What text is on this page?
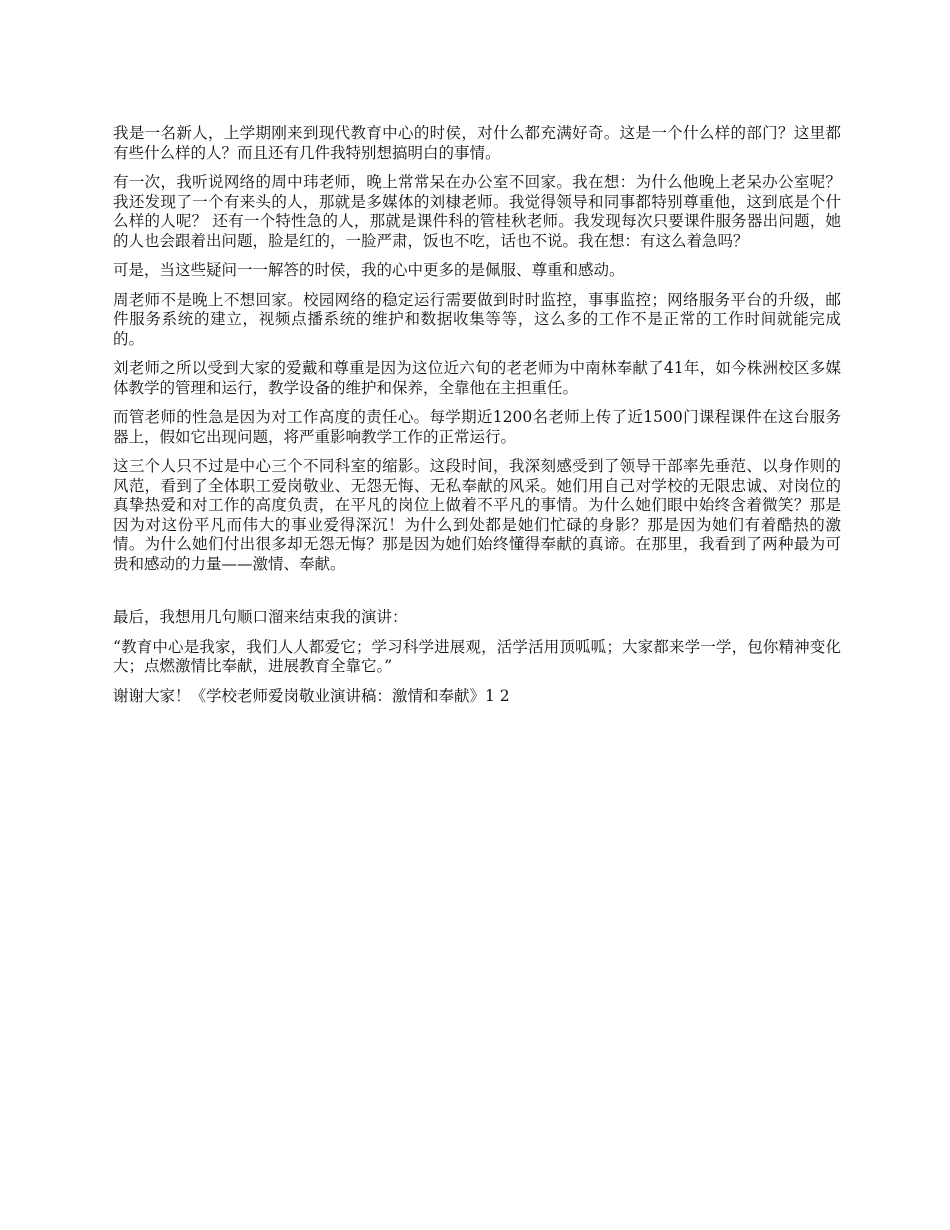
我是一名新人，上学期刚来到现代教育中心的时侯，对什么都充满好奇。这是一个什么样的部门？这里都有些什么样的人？而且还有几件我特别想搞明白的事情。

有一次，我听说网络的周中玮老师，晚上常常呆在办公室不回家。我在想：为什么他晚上老呆办公室呢？我还发现了一个有来头的人，那就是多媒体的刘棣老师。我觉得领导和同事都特别尊重他，这到底是个什么样的人呢？ 还有一个特性急的人，那就是课件科的管桂秋老师。我发现每次只要课件服务器出问题，她的人也会跟着出问题，脸是红的，一脸严肃，饭也不吃，话也不说。我在想：有这么着急吗？

可是，当这些疑问一一解答的时侯，我的心中更多的是佩服、尊重和感动。

周老师不是晚上不想回家。校园网络的稳定运行需要做到时时监控，事事监控；网络服务平台的升级，邮件服务系统的建立，视频点播系统的维护和数据收集等等，这么多的工作不是正常的工作时间就能完成的。

刘老师之所以受到大家的爱戴和尊重是因为这位近六旬的老老师为中南林奉献了41年，如今株洲校区多媒体教学的管理和运行，教学设备的维护和保养，全靠他在主担重任。

而管老师的性急是因为对工作高度的责任心。每学期近1200名老师上传了近1500门课程课件在这台服务器上，假如它出现问题，将严重影响教学工作的正常运行。

这三个人只不过是中心三个不同科室的缩影。这段时间，我深刻感受到了领导干部率先垂范、以身作则的风范，看到了全体职工爱岗敬业、无怨无悔、无私奉献的风采。她们用自己对学校的无限忠诚、对岗位的真挚热爱和对工作的高度负责，在平凡的岗位上做着不平凡的事情。为什么她们眼中始终含着微笑？那是因为对这份平凡而伟大的事业爱得深沉！为什么到处都是她们忙碌的身影？那是因为她们有着酷热的激情。为什么她们付出很多却无怨无悔？那是因为她们始终懂得奉献的真谛。在那里，我看到了两种最为可贵和感动的力量——激情、奉献。

最后，我想用几句顺口溜来结束我的演讲：

“教育中心是我家，我们人人都爱它；学习科学进展观，活学活用顶呱呱；大家都来学一学，包你精神变化大；点燃激情比奉献，进展教育全靠它。”

谢谢大家！《学校老师爱岗敬业演讲稿：激情和奉献》1 2
